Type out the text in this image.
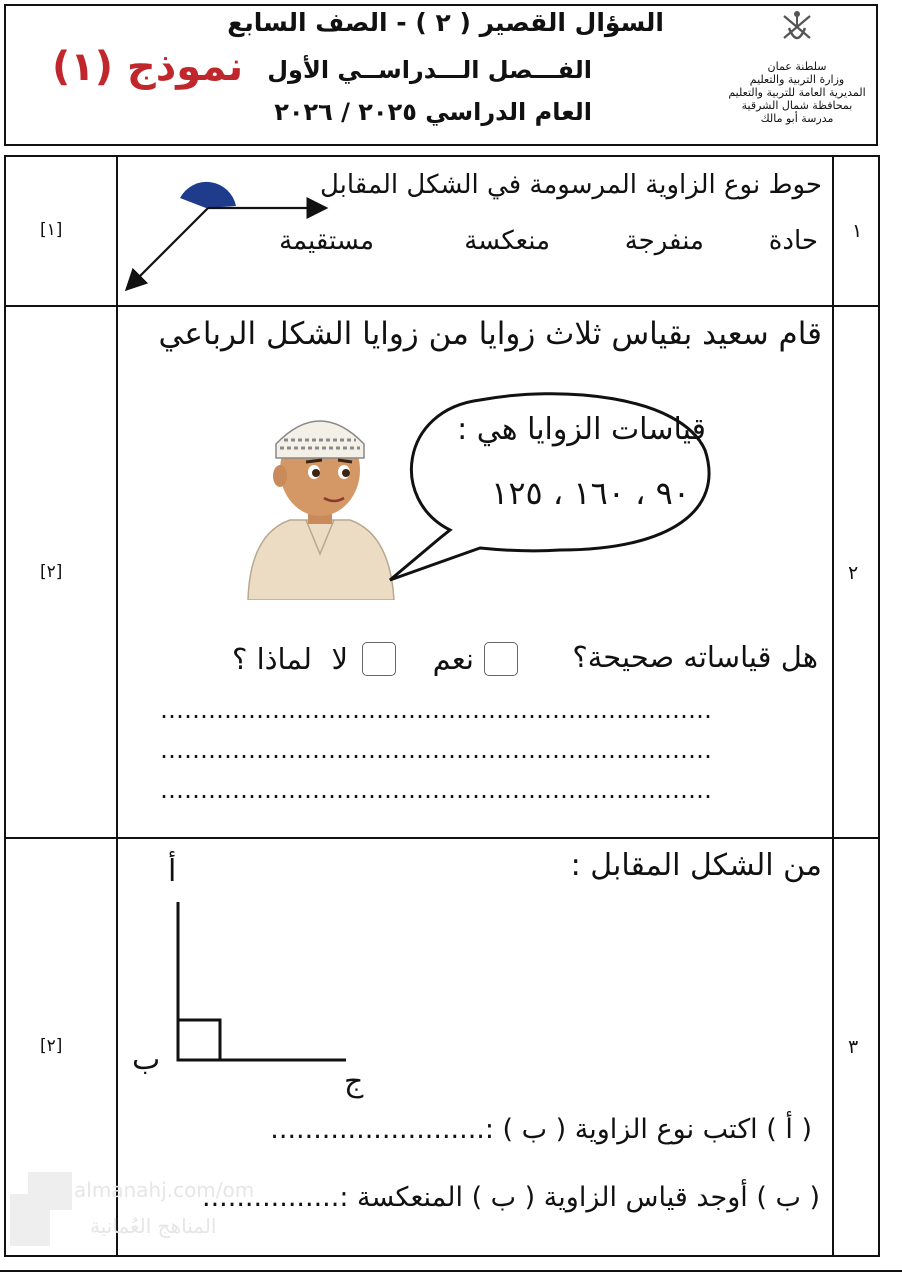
سلطنة عمان
وزارة التربية والتعليم
المديرية العامة للتربية والتعليم
بمحافظة شمال الشرقية
مدرسة أبو مالك
السؤال القصير ( ٢ ) - الصف السابع
الفـــصل الـــدراســي الأول
العام الدراسي ٢٠٢٥ / ٢٠٢٦
نموذج (١)
١
[١]
حوط نوع الزاوية المرسومة في الشكل المقابل
حادة
منفرجة
منعكسة
مستقيمة
٢
[٢]
قام سعيد بقياس ثلاث زوايا من زوايا الشكل الرباعي
قياسات الزوايا هي :
٩٠ ، ١٦٠ ، ١٢٥
هل قياساته صحيحة؟
نعم
لا
لماذا ؟
……………………………………………………………
……………………………………………………………
……………………………………………………………
٣
[٢]
من الشكل المقابل :
أ
ب
ج
( أ ) اكتب نوع الزاوية ( ب ) :.........................
( ب ) أوجد قياس الزاوية ( ب ) المنعكسة :................
almanahj.com/om
المناهج العُمانية
